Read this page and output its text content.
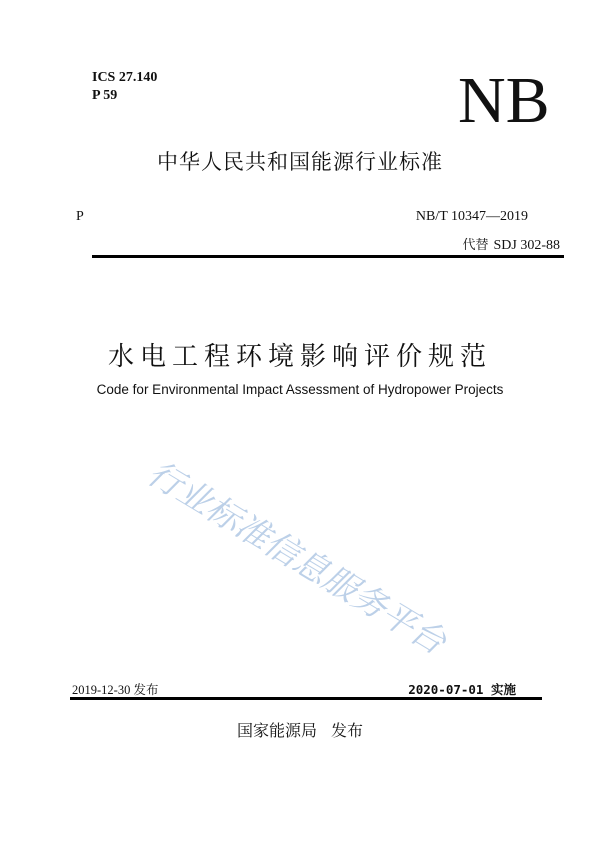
ICS 27.140
P 59	NB
中华人民共和国能源行业标准
P	NB/T 10347—2019
代替 SDJ 302-88
水电工程环境影响评价规范
Code for Environmental Impact Assessment of Hydropower Projects
行业标准信息服务平台
2019-12-30 发布	2020-07-01 实施
国家能源局 发布
